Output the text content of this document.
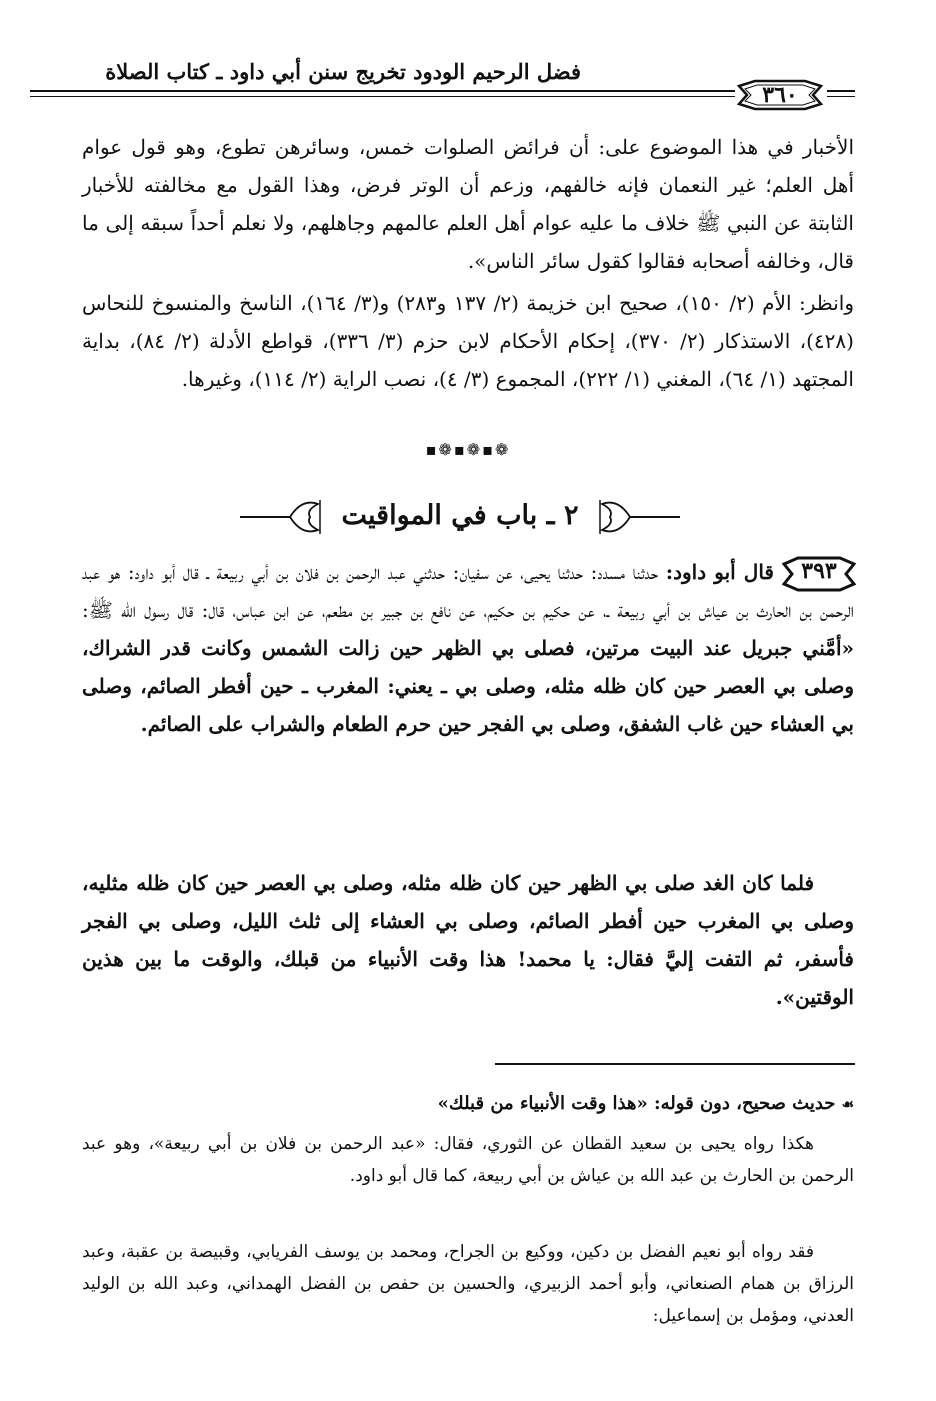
فضل الرحيم الودود تخريج سنن أبي داود ـ كتاب الصلاة
٣٦٠

الأخبار في هذا الموضوع على: أن فرائض الصلوات خمس، وسائرهن تطوع، وهو قول عوام أهل العلم؛ غير النعمان فإنه خالفهم، وزعم أن الوتر فرض، وهذا القول مع مخالفته للأخبار الثابتة عن النبي ﷺ خلاف ما عليه عوام أهل العلم عالمهم وجاهلهم، ولا نعلم أحداً سبقه إلى ما قال، وخالفه أصحابه فقالوا كقول سائر الناس».

وانظر: الأم (٢/ ١٥٠)، صحيح ابن خزيمة (٢/ ١٣٧ و٢٨٣) و(٣/ ١٦٤)، الناسخ والمنسوخ للنحاس (٤٢٨)، الاستذكار (٢/ ٣٧٠)، إحكام الأحكام لابن حزم (٣/ ٣٣٦)، قواطع الأدلة (٢/ ٨٤)، بداية المجتهد (١/ ٦٤)، المغني (١/ ٢٢٢)، المجموع (٣/ ٤)، نصب الراية (٢/ ١١٤)، وغيرها.

❁▪❁▪❁▪
٢ ـ باب في المواقيت
٣٩٣

قال أبو داود: حدثنا مسدد: حدثنا يحيى، عن سفيان: حدثني عبد الرحمن بن فلان بن أبي ربيعة ـ قال أبو داود: هو عبد الرحمن بن الحارث بن عياش بن أبي ربيعة ـ، عن حكيم بن حكيم، عن نافع بن جبير بن مطعم، عن ابن عباس، قال: قال رسول الله ﷺ: «أمَّني جبريل عند البيت مرتين، فصلى بي الظهر حين زالت الشمس وكانت قدر الشراك، وصلى بي العصر حين كان ظله مثله، وصلى بي ـ يعني: المغرب ـ حين أفطر الصائم، وصلى بي العشاء حين غاب الشفق، وصلى بي الفجر حين حرم الطعام والشراب على الصائم.

فلما كان الغد صلى بي الظهر حين كان ظله مثله، وصلى بي العصر حين كان ظله مثليه، وصلى بي المغرب حين أفطر الصائم، وصلى بي العشاء إلى ثلث الليل، وصلى بي الفجر فأسفر، ثم التفت إليَّ فقال: يا محمد! هذا وقت الأنبياء من قبلك، والوقت ما بين هذين الوقتين».

☙حديث صحيح، دون قوله: «هذا وقت الأنبياء من قبلك»

هكذا رواه يحيى بن سعيد القطان عن الثوري، فقال: «عبد الرحمن بن فلان بن أبي ربيعة»، وهو عبد الرحمن بن الحارث بن عبد الله بن عياش بن أبي ربيعة، كما قال أبو داود.

فقد رواه أبو نعيم الفضل بن دكين، ووكيع بن الجراح، ومحمد بن يوسف الفريابي، وقبيصة بن عقبة، وعبد الرزاق بن همام الصنعاني، وأبو أحمد الزبيري، والحسين بن حفص بن الفضل الهمداني، وعبد الله بن الوليد العدني، ومؤمل بن إسماعيل:
